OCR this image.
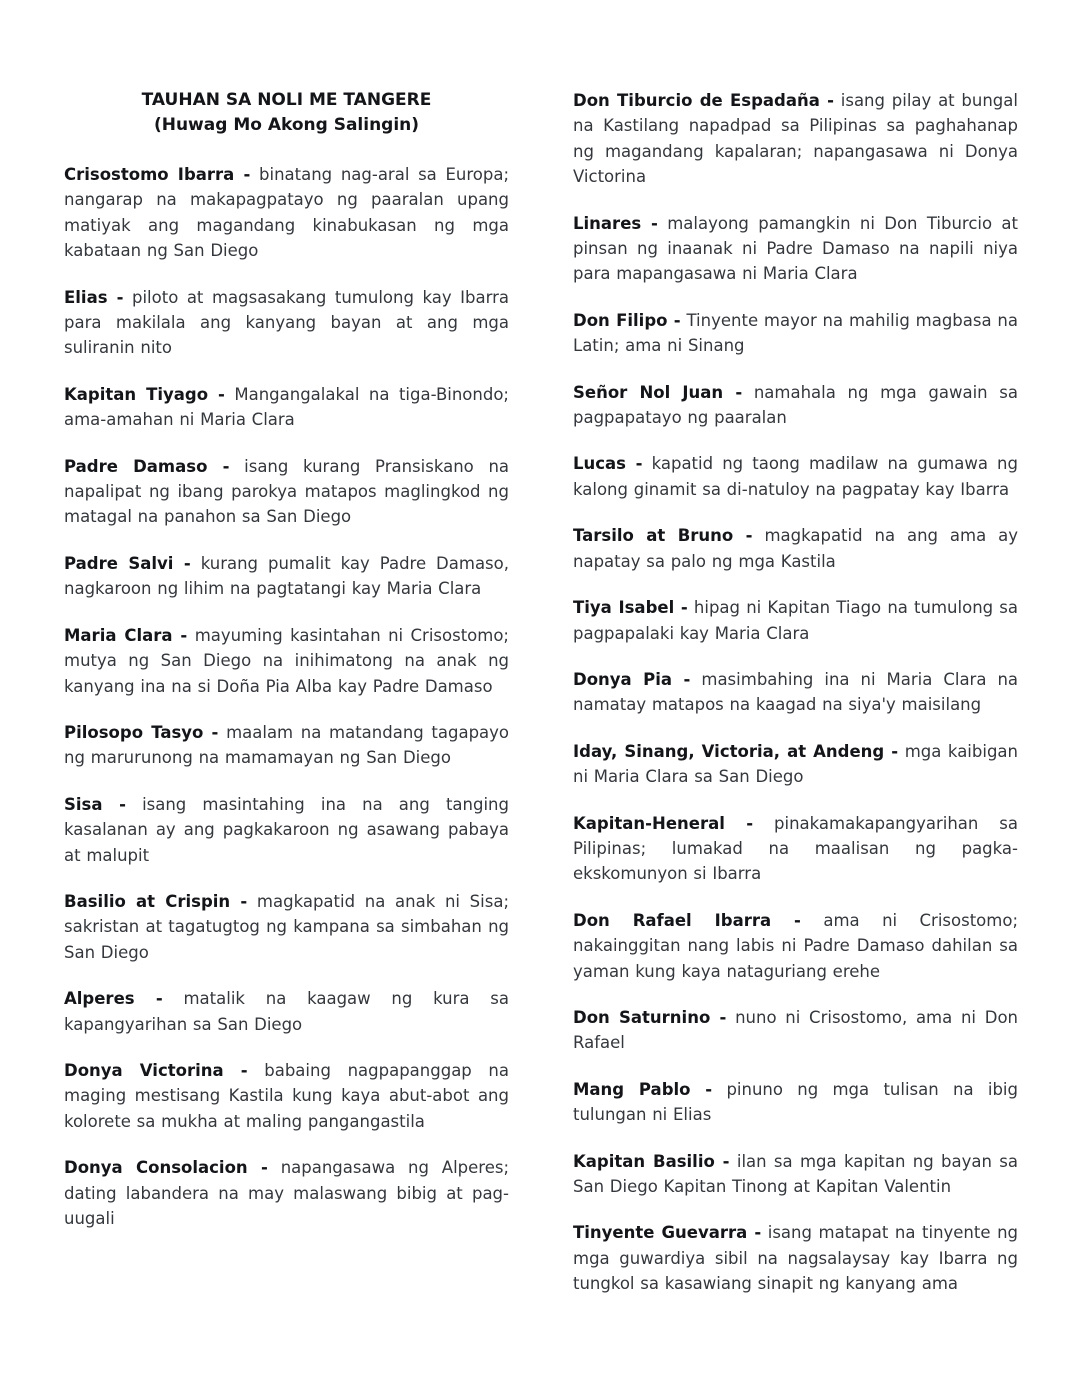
TAUHAN SA NOLI ME TANGERE
(Huwag Mo Akong Salingin)

Crisostomo Ibarra - binatang nag-aral sa Europa; nangarap na makapagpatayo ng paaralan upang matiyak ang magandang kinabukasan ng mga kabataan ng San Diego

Elias - piloto at magsasakang tumulong kay Ibarra para makilala ang kanyang bayan at ang mga suliranin nito

Kapitan Tiyago - Mangangalakal na tiga-Binondo; ama-amahan ni Maria Clara

Padre Damaso - isang kurang Pransiskano na napalipat ng ibang parokya matapos maglingkod ng matagal na panahon sa San Diego

Padre Salvi - kurang pumalit kay Padre Damaso, nagkaroon ng lihim na pagtatangi kay Maria Clara

Maria Clara - mayuming kasintahan ni Crisostomo; mutya ng San Diego na inihimatong na anak ng kanyang ina na si Doña Pia Alba kay Padre Damaso

Pilosopo Tasyo - maalam na matandang tagapayo ng marurunong na mamamayan ng San Diego

Sisa - isang masintahing ina na ang tanging kasalanan ay ang pagkakaroon ng asawang pabaya at malupit

Basilio at Crispin - magkapatid na anak ni Sisa; sakristan at tagatugtog ng kampana sa simbahan ng San Diego

Alperes - matalik na kaagaw ng kura sa kapangyarihan sa San Diego

Donya Victorina - babaing nagpapanggap na maging mestisang Kastila kung kaya abut-abot ang kolorete sa mukha at maling pangangastila

Donya Consolacion - napangasawa ng Alperes; dating labandera na may malaswang bibig at pag-uugali

Don Tiburcio de Espadaña - isang pilay at bungal na Kastilang napadpad sa Pilipinas sa paghahanap ng magandang kapalaran; napangasawa ni Donya Victorina

Linares - malayong pamangkin ni Don Tiburcio at pinsan ng inaanak ni Padre Damaso na napili niya para mapangasawa ni Maria Clara

Don Filipo - Tinyente mayor na mahilig magbasa na Latin; ama ni Sinang

Señor Nol Juan - namahala ng mga gawain sa pagpapatayo ng paaralan

Lucas - kapatid ng taong madilaw na gumawa ng kalong ginamit sa di-natuloy na pagpatay kay Ibarra

Tarsilo at Bruno - magkapatid na ang ama ay napatay sa palo ng mga Kastila

Tiya Isabel - hipag ni Kapitan Tiago na tumulong sa pagpapalaki kay Maria Clara

Donya Pia - masimbahing ina ni Maria Clara na namatay matapos na kaagad na siya'y maisilang

Iday, Sinang, Victoria, at Andeng - mga kaibigan ni Maria Clara sa San Diego

Kapitan-Heneral - pinakamakapangyarihan sa Pilipinas; lumakad na maalisan ng pagka-ekskomunyon si Ibarra

Don Rafael Ibarra - ama ni Crisostomo; nakainggitan nang labis ni Padre Damaso dahilan sa yaman kung kaya nataguriang erehe

Don Saturnino - nuno ni Crisostomo, ama ni Don Rafael

Mang Pablo - pinuno ng mga tulisan na ibig tulungan ni Elias

Kapitan Basilio - ilan sa mga kapitan ng bayan sa San Diego Kapitan Tinong at Kapitan Valentin

Tinyente Guevarra - isang matapat na tinyente ng mga guwardiya sibil na nagsalaysay kay Ibarra ng tungkol sa kasawiang sinapit ng kanyang ama
